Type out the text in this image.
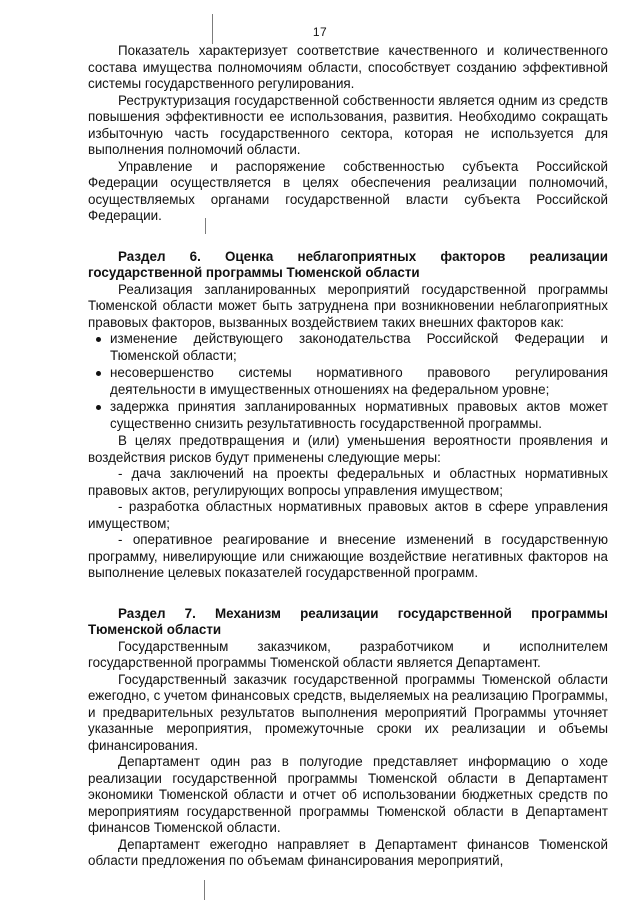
17

Показатель характеризует соответствие качественного и количественного состава имущества полномочиям области, способствует созданию эффективной системы государственного регулирования.

Реструктуризация государственной собственности является одним из средств повышения эффективности ее использования, развития. Необходимо сокращать избыточную часть государственного сектора, которая не используется для выполнения полномочий области.

Управление и распоряжение собственностью субъекта Российской Федерации осуществляется в целях обеспечения реализации полномочий, осуществляемых органами государственной власти субъекта Российской Федерации.

Раздел 6. Оценка неблагоприятных факторов реализации государственной программы Тюменской области

Реализация запланированных мероприятий государственной программы Тюменской области может быть затруднена при возникновении неблагоприятных правовых факторов, вызванных воздействием таких внешних факторов как:

изменение действующего законодательства Российской Федерации и Тюменской области;
несовершенство системы нормативного правового регулирования деятельности в имущественных отношениях на федеральном уровне;
задержка принятия запланированных нормативных правовых актов может существенно снизить результативность государственной программы.

В целях предотвращения и (или) уменьшения вероятности проявления и воздействия рисков будут применены следующие меры:

- дача заключений на проекты федеральных и областных нормативных правовых актов, регулирующих вопросы управления имуществом;

- разработка областных нормативных правовых актов в сфере управления имуществом;

- оперативное реагирование и внесение изменений в государственную программу, нивелирующие или снижающие воздействие негативных факторов на выполнение целевых показателей государственной программ.

Раздел 7. Механизм реализации государственной программы Тюменской области

Государственным заказчиком, разработчиком и исполнителем государственной программы Тюменской области является Департамент.

Государственный заказчик государственной программы Тюменской области ежегодно, с учетом финансовых средств, выделяемых на реализацию Программы, и предварительных результатов выполнения мероприятий Программы уточняет указанные мероприятия, промежуточные сроки их реализации и объемы финансирования.

Департамент один раз в полугодие представляет информацию о ходе реализации государственной программы Тюменской области в Департамент экономики Тюменской области и отчет об использовании бюджетных средств по мероприятиям государственной программы Тюменской области в Департамент финансов Тюменской области.

Департамент ежегодно направляет в Департамент финансов Тюменской области предложения по объемам финансирования мероприятий,
